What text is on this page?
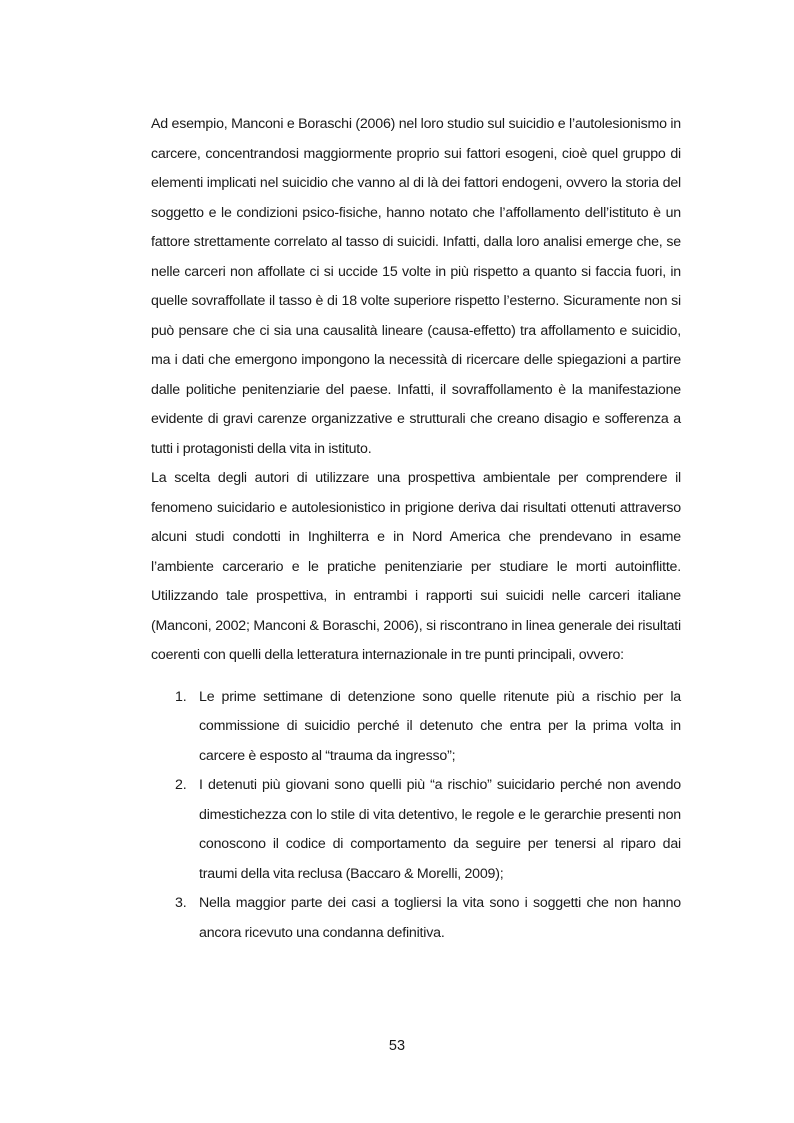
Ad esempio, Manconi e Boraschi (2006) nel loro studio sul suicidio e l’autolesionismo in carcere, concentrandosi maggiormente proprio sui fattori esogeni, cioè quel gruppo di elementi implicati nel suicidio che vanno al di là dei fattori endogeni, ovvero la storia del soggetto e le condizioni psico-fisiche, hanno notato che l’affollamento dell’istituto è un fattore strettamente correlato al tasso di suicidi. Infatti, dalla loro analisi emerge che, se nelle carceri non affollate ci si uccide 15 volte in più rispetto a quanto si faccia fuori, in quelle sovraffollate il tasso è di 18 volte superiore rispetto l’esterno. Sicuramente non si può pensare che ci sia una causalità lineare (causa-effetto) tra affollamento e suicidio, ma i dati che emergono impongono la necessità di ricercare delle spiegazioni a partire dalle politiche penitenziarie del paese. Infatti, il sovraffollamento è la manifestazione evidente di gravi carenze organizzative e strutturali che creano disagio e sofferenza a tutti i protagonisti della vita in istituto.

La scelta degli autori di utilizzare una prospettiva ambientale per comprendere il fenomeno suicidario e autolesionistico in prigione deriva dai risultati ottenuti attraverso alcuni studi condotti in Inghilterra e in Nord America che prendevano in esame l’ambiente carcerario e le pratiche penitenziarie per studiare le morti autoinflitte. Utilizzando tale prospettiva, in entrambi i rapporti sui suicidi nelle carceri italiane (Manconi, 2002; Manconi & Boraschi, 2006), si riscontrano in linea generale dei risultati coerenti con quelli della letteratura internazionale in tre punti principali, ovvero:

1. Le prime settimane di detenzione sono quelle ritenute più a rischio per la commissione di suicidio perché il detenuto che entra per la prima volta in carcere è esposto al “trauma da ingresso”;
2. I detenuti più giovani sono quelli più “a rischio” suicidario perché non avendo dimestichezza con lo stile di vita detentivo, le regole e le gerarchie presenti non conoscono il codice di comportamento da seguire per tenersi al riparo dai traumi della vita reclusa (Baccaro & Morelli, 2009);
3. Nella maggior parte dei casi a togliersi la vita sono i soggetti che non hanno ancora ricevuto una condanna definitiva.
53
